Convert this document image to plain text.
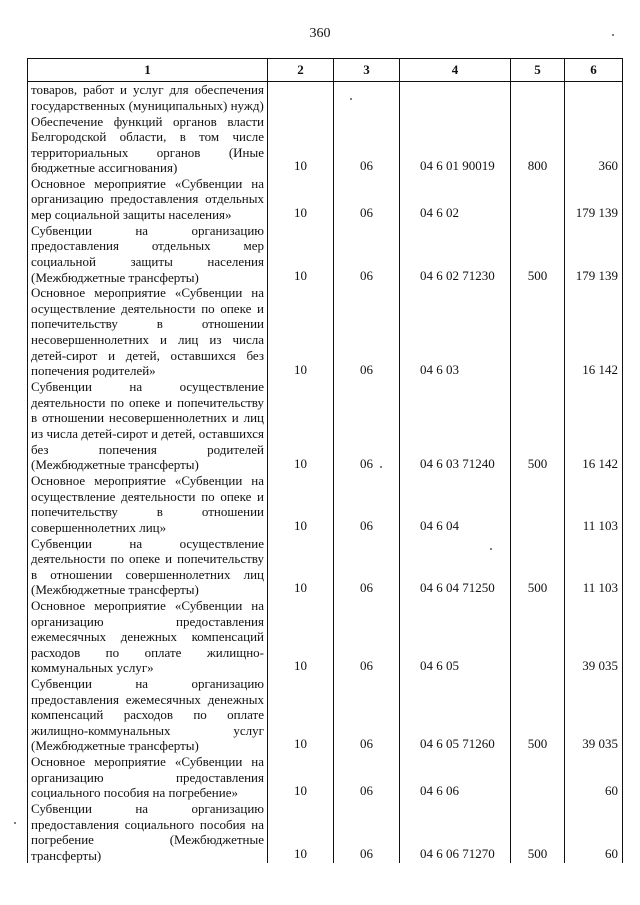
360
1	2	3	4	5	6
товаров, работ и услуг для обеспечения государственных (муниципальных) нужд)					
Обеспечение функций органов власти Белгородской области, в том числе территориальных органов (Иные бюджетные ассигнования)	10	06	04 6 01 90019	800	360
Основное мероприятие «Субвенции на организацию предоставления отдельных мер социальной защиты населения»	10	06	04 6 02		179 139
Субвенции на организацию предоставления отдельных мер социальной защиты населения (Межбюджетные трансферты)	10	06	04 6 02 71230	500	179 139
Основное мероприятие «Субвенции на осуществление деятельности по опеке и попечительству в отношении несовершеннолетних и лиц из числа детей-сирот и детей, оставшихся без попечения родителей»	10	06	04 6 03		16 142
Субвенции на осуществление деятельности по опеке и попечительству в отношении несовершеннолетних и лиц из числа детей-сирот и детей, оставшихся без попечения родителей (Межбюджетные трансферты)	10	06	04 6 03 71240	500	16 142
Основное мероприятие «Субвенции на осуществление деятельности по опеке и попечительству в отношении совершеннолетних лиц»	10	06	04 6 04		11 103
Субвенции на осуществление деятельности по опеке и попечительству в отношении совершеннолетних лиц (Межбюджетные трансферты)	10	06	04 6 04 71250	500	11 103
Основное мероприятие «Субвенции на организацию предоставления ежемесячных денежных компенсаций расходов по оплате жилищно-коммунальных услуг»	10	06	04 6 05		39 035
Субвенции на организацию предоставления ежемесячных денежных компенсаций расходов по оплате жилищно-коммунальных услуг (Межбюджетные трансферты)	10	06	04 6 05 71260	500	39 035
Основное мероприятие «Субвенции на организацию предоставления социального пособия на погребение»	10	06	04 6 06		60
Субвенции на организацию предоставления социального пособия на погребение (Межбюджетные трансферты)	10	06	04 6 06 71270	500	60
